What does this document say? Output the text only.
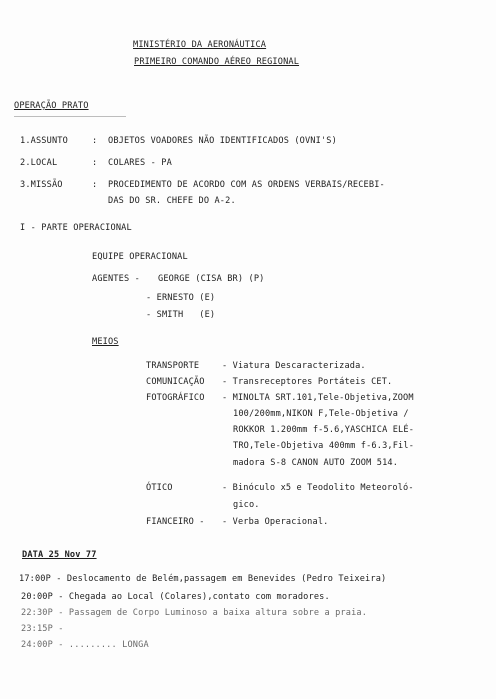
MINISTÉRIO DA AERONÁUTICA
PRIMEIRO COMANDO AÉREO REGIONAL
OPERAÇÃO PRATO
1.ASSUNTO	: OBJETOS VOADORES NÃO IDENTIFICADOS (OVNI'S)
2.LOCAL	: COLARES - PA
3.MISSÃO	: PROCEDIMENTO DE ACORDO COM AS ORDENS VERBAIS/RECEBI-
DAS DO SR. CHEFE DO A-2.
I - PARTE OPERACIONAL
EQUIPE OPERACIONAL
AGENTES - GEORGE (CISA BR) (P)
- ERNESTO (E)
- SMITH   (E)
MEIOS
TRANSPORTE	- Viatura Descaracterizada.
COMUNICAÇÃO - Transreceptores Portáteis CET.
FOTOGRÁFICO - MINOLTA SRT.101,Tele-Objetiva,ZOOM
100/200mm,NIKON F,Tele-Objetiva /
ROKKOR 1.200mm f-5.6,YASCHICA ELÉ-
TRO,Tele-Objetiva 400mm f-6.3,Fil-
madora S-8 CANON AUTO ZOOM 514.
ÓTICO	- Binóculo x5 e Teodolito Meteoroló-
gico.
FIANCEIRO - - Verba Operacional.
DATA 25 Nov 77
17:00P - Deslocamento de Belém,passagem em Benevides (Pedro Teixeira)
20:00P - Chegada ao Local (Colares),contato com moradores.
22:30P - Passagem de Corpo Luminoso a baixa altura sobre a praia.
23:15P -
24:00P - ......... LONGA
